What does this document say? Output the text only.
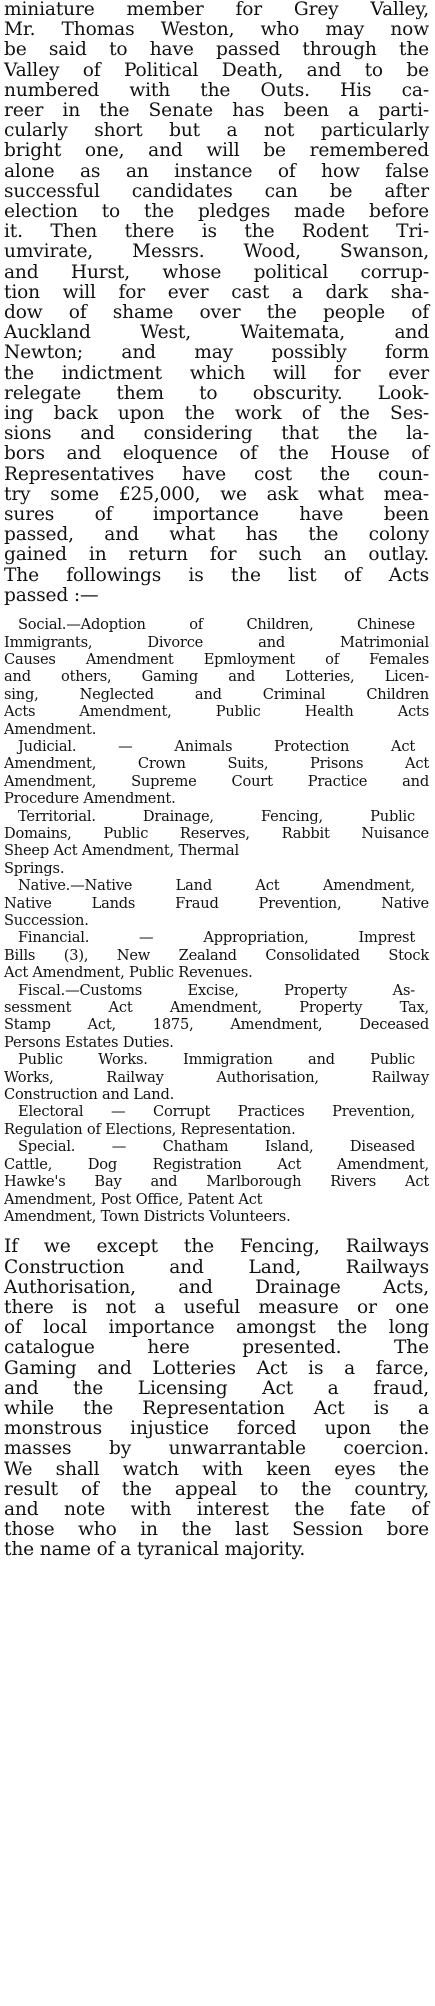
miniature member for Grey Valley,
Mr. Thomas Weston, who may now
be said to have passed through the
Valley of Political Death, and to be
numbered with the Outs. His ca-
reer in the Senate has been a parti-
cularly short but a not particularly
bright one, and will be remembered
alone as an instance of how false
successful candidates can be after
election to the pledges made before
it. Then there is the Rodent Tri-
umvirate, Messrs. Wood, Swanson,
and Hurst, whose political corrup-
tion will for ever cast a dark sha-
dow of shame over the people of
Auckland West, Waitemata, and
Newton; and may possibly form
the indictment which will for ever
relegate them to obscurity. Look-
ing back upon the work of the Ses-
sions and considering that the la-
bors and eloquence of the House of
Representatives have cost the coun-
try some £25,000, we ask what mea-
sures of importance have been
passed, and what has the colony
gained in return for such an outlay.
The followings is the list of Acts
passed :—
Social.—Adoption of Children, Chinese
Immigrants, Divorce and Matrimonial
Causes Amendment Epmloyment of Females
and others, Gaming and Lotteries, Licen-
sing, Neglected and Criminal Children
Acts Amendment, Public Health Acts
Amendment.
Judicial. — Animals Protection Act
Amendment, Crown Suits, Prisons Act
Amendment, Supreme Court Practice and
Procedure Amendment.
Territorial. Drainage, Fencing, Public
Domains, Public Reserves, Rabbit Nuisance
Sheep Act Amendment, Thermal
Springs.
Native.—Native Land Act Amendment,
Native Lands Fraud Prevention, Native
Succession.
Financial. — Appropriation, Imprest
Bills (3), New Zealand Consolidated Stock
Act Amendment, Public Revenues.
Fiscal.—Customs Excise, Property As-
sessment Act Amendment, Property Tax,
Stamp Act, 1875, Amendment, Deceased
Persons Estates Duties.
Public Works. Immigration and Public
Works, Railway Authorisation, Railway
Construction and Land.
Electoral — Corrupt Practices Prevention,
Regulation of Elections, Representation.
Special. — Chatham Island, Diseased
Cattle, Dog Registration Act Amendment,
Hawke's Bay and Marlborough Rivers Act
Amendment, Post Office, Patent Act
Amendment, Town Districts Volunteers.
If we except the Fencing, Railways
Construction and Land, Railways
Authorisation, and Drainage Acts,
there is not a useful measure or one
of local importance amongst the long
catalogue here presented. The
Gaming and Lotteries Act is a farce,
and the Licensing Act a fraud,
while the Representation Act is a
monstrous injustice forced upon the
masses by unwarrantable coercion.
We shall watch with keen eyes the
result of the appeal to the country,
and note with interest the fate of
those who in the last Session bore
the name of a tyranical majority.
